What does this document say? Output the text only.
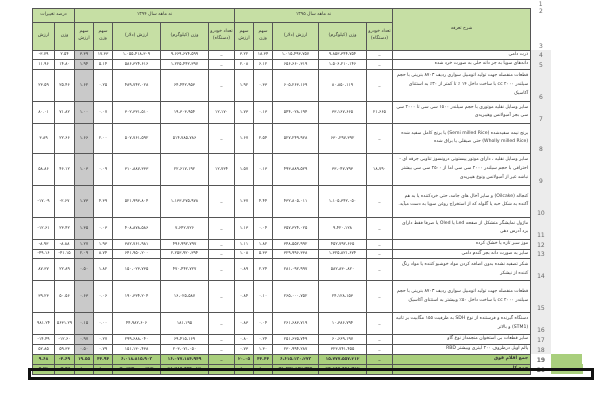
													1	
درصد تغییرات		نه ماهه سال ۱۳۹۴					نه ماهه سال ۱۳۹۵					شرح تعرفه	2	
ارزش	وزن	سهم ارزش	سهم وزن	ارزش (دلار)	وزن (کیلوگرم)	تعداد خودرو (دستگاه)	سهم ارزش	سهم وزن	ارزش (دلار)	وزن (کیلوگرم)	تعداد خودرو (دستگاه)		3	
-۳.۷۹	۲.۵۴	۳.۳۹	۱۷.۳۳	۱،۰۵۵،۴۱۸،۳۰۹	۹،۶۶۹،۶۷۴،۵۹۹	_	۳.۲۲	۱۸.۳۴	۱،۰۱۵،۴۹۳،۷۵۷	۹،۸۵۳،۳۴۴،۷۵۴	_	ذرت دامی	4	
۱۱.۹۶	۱۴.۸۰	۱.۹۴	۵.۱۴	۵۸۶،۳۲۴،۶۱۶	۱،۲۲۵،۴۴۲،۳۹۷	_	۲.۰۸	۶.۱۲	۶۵۶،۶۶۰،۳۱۹	۱،۵۰۶،۲۱۰،۱۴۶	_	دانه‌های سویا به جز دانه حلی به صورت خرد شده	5	
۲۳.۵۹	۲۵.۴۶	۱.۶۲	۰.۲۵	۴۸۹،۷۴۲،۰۲۸	۶۴،۴۴۲،۹۵۳	_	۱.۹۲	۰.۳۳	۶۰۵،۲۶۳،۱۶۹	۸۰،۸۵۰،۱۱۹	_	قطعات منفصله جهت تولید اتومبیل سواری ردیف ۸۷۰۳ بنزینی با حجم سیلندر cc ۲۰۰۰ با ساخت داخل ۱۴ ٪ تا کمتر از ۳۰٪ به استثنای آکاسیک	6	
۸۰.۰۱	۷۱.۸۲	۱.۰۰	۰.۰۷	۳۰۲،۳۳۱،۵۱۰	۱۹،۳۰۳،۹۵۴	۱۲،۱۷۰	۱.۷۳	۰.۱۳	۵۴۴،۰۲۸،۱۹۴	۳۳،۱۶۷،۶۶۵	۲۱،۶۶۵	سایر وسایل نقلیه موتوری با حجم سیلندر ۱۵۰۰ سی سی تا ۲۰۰۰ سی سی بجز آمبولانس وهیبریدی	7	
۳.۸۹	۲۲.۶۶	۱.۶۶	۲.۰۰	۵۰۷،۷۶۱،۵۹۲	۵۱۴،۷۸۵،۷۸۶	_	۱.۶۷	۲.۵۴	۵۲۷،۲۴۹،۹۲۸	۶۳۰،۲۹۷،۳۹۲	_	برنج نیمه سفیدشده (Semi milled Rice) یا برنج کامل سفید شده (Wholly milled Rice) حتی صیقلی یا براق شده	8	
۵۸.۸۶	۴۶.۱۲	۱.۰۳	۰.۰۹	۳۱۰،۸۸۷،۳۳۳	۲۲،۶۱۷،۱۹۲	۱۲،۷۳۴	۱.۵۷	۰.۱۳	۴۹۳،۸۸۹،۵۲۹	۳۳،۰۴۷،۷۹۳	۱۸،۷۹۰	سایر وسایل نقلیه ، دارای موتور پیستونی درونسوز تناوبی جرقه ای - احتراقی با حجم سیلندر ۲۰۰۰ سی سی اما از ۲۵۰۰ سی سی بیشتر نباشد غیر از آمبولانس ونوع هیبریدی	9	
-۱۷.۰۹	-۲.۶۷	۱.۷۳	۴.۳۹	۵۲۱،۹۹۳،۸۰۴	۱،۱۳۳،۲۷۵،۹۷۸	_	۱.۳۷	۴.۴۴	۴۳۲،۸۰۵،۰۱۱	۱،۱۰۵،۳۴۲،۰۵۰	_	کنجاله (Oilcake) و سایر آخال های جامد، حتی خردکننده یا به هم آکنده به شکل حبه یا گلوله که از استخراج روغن سویا به دست میآید.	10	
-۱۲.۶۱	۲۳.۴۲	۱.۳۵	۰.۰۳	۴۰۸،۸۷۸،۵۸۶	۷،۶۴۲،۷۲۶	_	۱.۱۳	۰.۰۴	۳۵۷،۳۲۴،۰۲۵	۹،۴۲۰،۱۲۸	_	ماژول نمایشگر متشکل از صفحه Led یا Oled یا صرفا فقط دارای برد آدرس دهی	11	
-۸.۹۳	-۸.۸۸	۱.۲۷	۱.۹۳	۳۸۲،۷۶۱،۹۸۱	۴۹۶،۹۹۲،۷۹۷	_	۱.۱۱	۱.۸۲	۳۴۸،۵۵۲،۹۹۲	۴۵۲،۷۹۲،۶۶۵	_	موز سبز تازه یا خشک کرده	12	
-۴۹.۱۶	-۴۱.۱۵	۲.۰۹	۸.۷۴	۶۴۱،۹۵۰،۲۰۰	۲،۲۵۳،۹۲۰،۳۹۴	_	۱.۰۸	۵.۳۳	۳۲۹،۹۹۶،۳۳۸	۱،۳۲۵،۸۲۱،۶۷۴	_	سایر به صورت دانه بجز گندم دامی	13	
۸۷.۳۷	۲۲.۸۹	۰.۵۰	۱.۸۲	۱۵۰،۰۲۳،۷۳۵	۴۷۰،۴۴۲،۷۲۷	_	۰.۸۹	۲.۲۴	۲۸۱،۰۹۲،۹۹۷	۵۸۲،۸۳۰،۸۲۰	_	شکر تصفیه نشده بدون اضافه کردن مواد خوشبو کننده یا مواد رنگ کننده از نیشکر	14	
۳۹.۲۳	۵۰.۵۶	۰.۶۳	۰.۰۶	۱۹۰،۳۳۴،۲۰۴	۱۶،۰۲۵،۵۸۷	_	۰.۸۴	۰.۱۰	۲۶۵،۰۰۰،۷۵۲	۲۴،۱۲۸،۱۵۳	_	قطعات منفصله جهت تولید اتومبیل سواری ردیف ۸۷۰۳ بنزینی با حجم سیلندر cc ۲۰۰۰ با ساخت داخل ۵۰٪ وبیشتر به استثنای آکاسیک	15	
۹۸۱.۲۴	۵۶۳۱.۲۹	۰.۱۵	۰.۰۰	۴۴،۹۸۲،۶۰۶	۱۸۱،۱۹۵	_	۰.۸۳	۰.۰۴	۲۶۱،۶۸۳،۷۱۹	۱۰،۳۸۶،۷۹۴	_	دستگاه گیرنده و فرستنده از نوع SDH به ظرفیت ۱۵۵ مگابیت بر ثانیه (STM1) و بالاتر	16	
-۱۴.۴۹	-۱۲.۶۰	۰.۹۷	۰.۲۷	۲۹۹،۶۸۸،۰۴۰	۶۹،۴۱۵،۱۶۹	_	۰.۸۰	۰.۲۴	۲۵۱،۶۳۵،۷۴۹	۶۰،۶۶۹،۱۹۷	_	سایر قطعات بی استخوان منجمداز نوع گاو	17	
۵۲.۸۵	۵۹.۳۳	۰.۵۰	۰.۷۹	۱۵۱،۱۳۰،۴۳۸	۲۰۳،۰۷۱،۰۵۰	_	۰.۷۳	۱.۳۰	۲۳۰،۹۹۴،۲۸۷	۳۲۳،۷۴۱،۴۵۵	_	پالم اویل درظروف ۲۰۰ لیتری وبیشتر RBD	18	
۹.۶۸	-۴.۶۹	۱۹.۵۵	۴۴.۹۴	۶،۰۱۸،۸۱۵،۹۰۳	۱۶،۰۷۷،۱۸۴،۹۴۹	_	۲۰.۰۵	۴۴.۴۴	۶،۶۱۵،۱۳۰،۲۷۳	۱۵،۷۷۷،۵۵۷،۲۱۲	_	جمع اقلام فوق	19	
۴.۳۸	-۳.۵۷	۱۰۰	۱۰۰	۳۰،۲۷۴،۰۰۰،۲۲۷	۲۸،۷۸۵،۵۴۴،۰۲۸	_	۱۰۰	۱۰۰	۳۱،۵۳۸،۱۵۲،۳۴۴	۲۴،۸۶۶،۵۶۱،۳۱۲	_	جمع کل	20	
